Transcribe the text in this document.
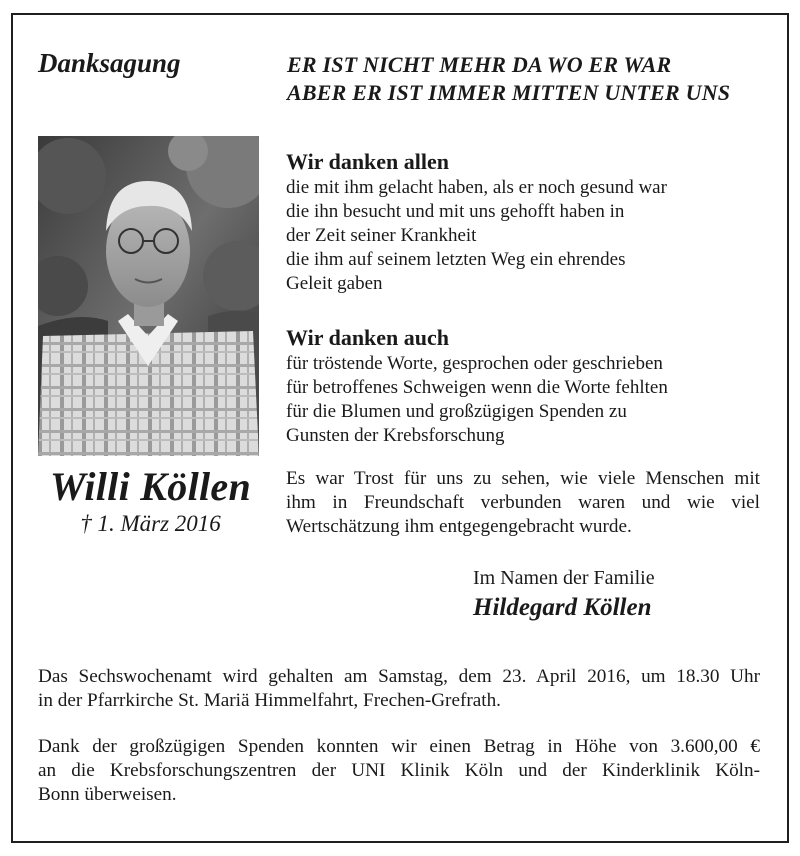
Danksagung	ER IST NICHT MEHR DA WO ER WAR
ABER ER IST IMMER MITTEN UNTER UNS
Willi Köllen
† 1. März 2016
Wir danken allen
die mit ihm gelacht haben, als er noch gesund war
die ihn besucht und mit uns gehofft haben in
der Zeit seiner Krankheit
die ihm auf seinem letzten Weg ein ehrendes
Geleit gaben
Wir danken auch
für tröstende Worte, gesprochen oder geschrieben
für betroffenes Schweigen wenn die Worte fehlten
für die Blumen und großzügigen Spenden zu
Gunsten der Krebsforschung
Es war Trost für uns zu sehen, wie viele Menschen mit
ihm in Freundschaft verbunden waren und wie viel
Wertschätzung ihm entgegengebracht wurde.
Im Namen der Familie
Hildegard Köllen
Das Sechswochenamt wird gehalten am Samstag, dem 23. April 2016, um 18.30 Uhr
in der Pfarrkirche St. Mariä Himmelfahrt, Frechen-Grefrath.
Dank der großzügigen Spenden konnten wir einen Betrag in Höhe von 3.600,00 €
an die Krebsforschungszentren der UNI Klinik Köln und der Kinderklinik Köln-
Bonn überweisen.
